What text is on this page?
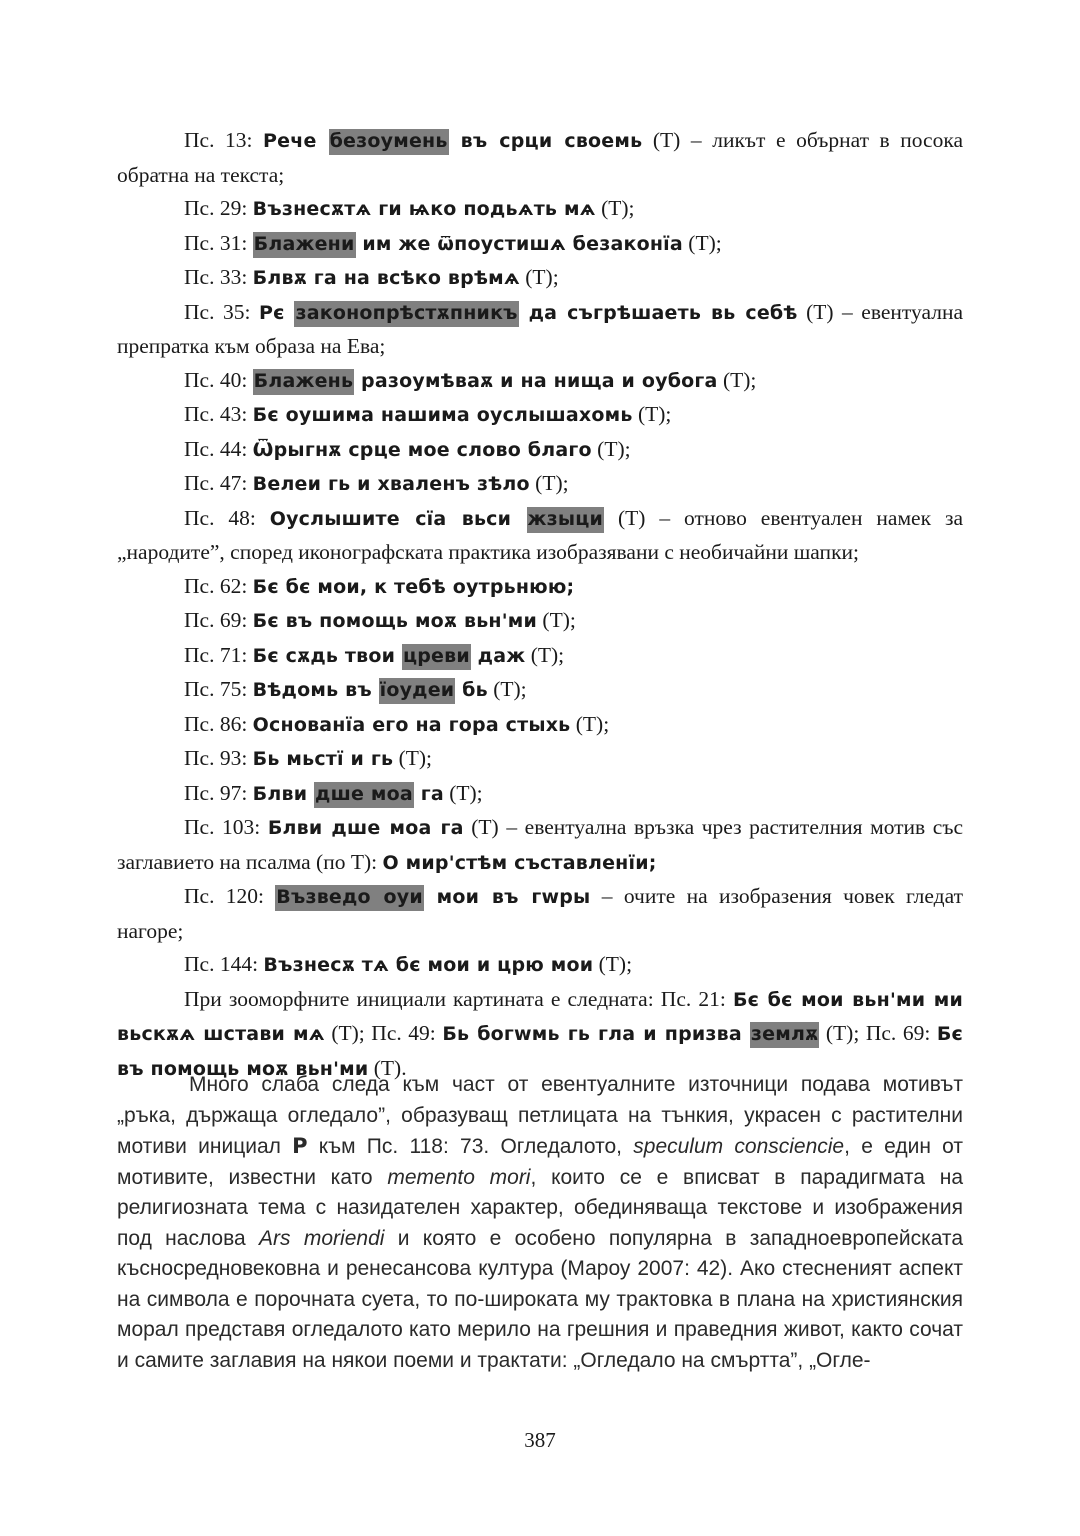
Пс. 13: Рече безоумень въ срци своемь (Т) – ликът е обърнат в посока обратна на текста;

Пс. 29: Възнесѫтѧ ги ѩко подьѧть мѧ (Т);

Пс. 31: Блажени им же ѿпоустишѧ безаконїа (Т);

Пс. 33: Блвѫ га на всѣко врѣмѧ (Т);

Пс. 35: Рє законопрѣстѫпникъ да съгрѣшаеть вь себѣ (Т) – евентуална препратка към образа на Ева;

Пс. 40: Блажень разоумѣваѫ и на нища и оубога (Т);

Пс. 43: Бє оушима нашима оуслышахомь (Т);

Пс. 44: Ѿрыгнѫ срце мое слово благо (Т);

Пс. 47: Велеи гь и хваленъ зѣло (Т);

Пс. 48: Оуслышите сїа вьси жзыци (Т) – отново евентуален намек за „народите”, според иконографската практика изобразявани с необичайни шапки;

Пс. 62: Бє бє мои, к тебѣ оутрьнюю;

Пс. 69: Бє въ помощь моѫ вьн'ми (Т);

Пс. 71: Бє сѫдь твои црeви даж (Т);

Пс. 75: Вѣдомь въ їоудеи бь (Т);

Пс. 86: Основанїа его на гора стыхь (Т);

Пс. 93: Бь мьстї и гь (Т);

Пс. 97: Блви дше моа га (Т);

Пс. 103: Блви дше моа га (Т) – евентуална връзка чрез растителния мотив със заглавието на псалма (по Т): О мир'стѣм съставленїи;

Пс. 120: Възведо оуи мои въ гwры – очите на изобразения човек гледат нагоре;

Пс. 144: Възнесѫ тѧ бє мои и црю мои (Т);

При зооморфните инициали картината е следната: Пс. 21: Бє бє мои вьн'ми ми вьскѫѧ шстави мѧ (Т); Пс. 49: Бь богwмь гь гла и призва землѫ (Т); Пс. 69: Бє въ помощь моѫ вьн'ми (Т).

Много слаба следа към част от евентуалните източници подава мотивът „ръка, държаща огледало”, образуващ петлицата на тънкия, украсен с растителни мотиви инициал Р към Пс. 118: 73. Огледалото, speculum consciencie, е един от мотивите, известни като memento mori, които се е вписват в парадигмата на религиозната тема с назидателен характер, обединяваща текстове и изображения под наслова Ars moriendi и която е особено популярна в западноевропейската късносредновековна и ренесансова култура (Мароу 2007: 42). Ако стесненият аспект на символа е порочната суета, то по-широката му трактовка в плана на християнския морал представя огледалото като мерило на грешния и праведния живот, както сочат и самите заглавия на някои поеми и трактати: „Огледало на смъртта”, „Огле-

387
